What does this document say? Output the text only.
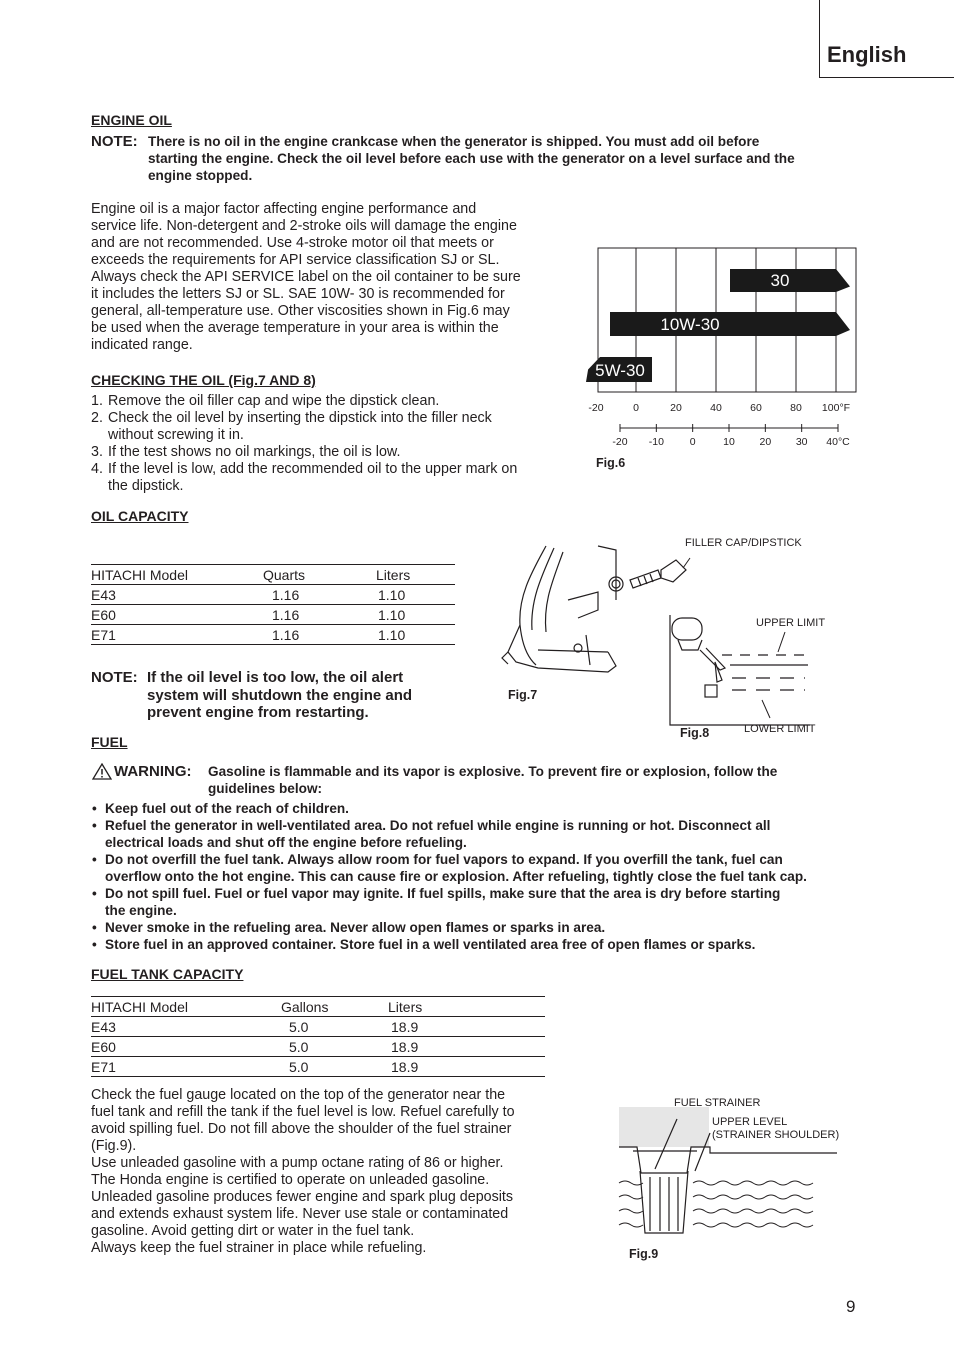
English
ENGINE OIL
NOTE: There is no oil in the engine crankcase when the generator is shipped. You must add oil before
starting the engine. Check the oil level before each use with the generator on a level surface and the
engine stopped.
Engine oil is a major factor affecting engine performance and
service life. Non-detergent and 2-stroke oils will damage the engine
and are not recommended. Use 4-stroke motor oil that meets or
exceeds the requirements for API service classification SJ or SL.
Always check the API SERVICE label on the oil container to be sure
it includes the letters SJ or SL. SAE 10W- 30 is recommended for
general, all-temperature use. Other viscosities shown in Fig.6 may
be used when the average temperature in your area is within the
indicated range.
CHECKING THE OIL (Fig.7 AND 8)
1. Remove the oil filler cap and wipe the dipstick clean.
2. Check the oil level by inserting the dipstick into the filler neck
without screwing it in.
3. If the test shows no oil markings, the oil is low.
4. If the level is low, add the recommended oil to the upper mark on
the dipstick.
OIL CAPACITY
HITACHI Model	Quarts	Liters
E43	1.16	1.10
E60	1.16	1.10
E71	1.16	1.10
NOTE: If the oil level is too low, the oil alert
system will shutdown the engine and
prevent engine from restarting.
30
10W-30
5W-30
-20	0	20	40	60	80 100°F
-20 -10 0	10 20 30 40°C
Fig.6
FILLER CAP/DIPSTICK
Fig.7
UPPER LIMIT
LOWER LIMIT
Fig.8
FUEL
WARNING: Gasoline is flammable and its vapor is explosive. To prevent fire or explosion, follow the
guidelines below:
• Keep fuel out of the reach of children.
• Refuel the generator in well-ventilated area. Do not refuel while engine is running or hot. Disconnect all
electrical loads and shut off the engine before refueling.
• Do not overfill the fuel tank. Always allow room for fuel vapors to expand. If you overfill the tank, fuel can
overflow onto the hot engine. This can cause fire or explosion. After refueling, tightly close the fuel tank cap.
• Do not spill fuel. Fuel or fuel vapor may ignite. If fuel spills, make sure that the area is dry before starting
the engine.
• Never smoke in the refueling area. Never allow open flames or sparks in area.
• Store fuel in an approved container. Store fuel in a well ventilated area free of open flames or sparks.
FUEL TANK CAPACITY
HITACHI Model	Gallons	Liters
E43	5.0	18.9
E60	5.0	18.9
E71	5.0	18.9
Check the fuel gauge located on the top of the generator near the
fuel tank and refill the tank if the fuel level is low. Refuel carefully to
avoid spilling fuel. Do not fill above the shoulder of the fuel strainer
(Fig.9).
Use unleaded gasoline with a pump octane rating of 86 or higher.
The Honda engine is certified to operate on unleaded gasoline.
Unleaded gasoline produces fewer engine and spark plug deposits
and extends exhaust system life. Never use stale or contaminated
gasoline. Avoid getting dirt or water in the fuel tank.
Always keep the fuel strainer in place while refueling.
FUEL STRAINER
UPPER LEVEL
(STRAINER SHOULDER)
Fig.9
9
